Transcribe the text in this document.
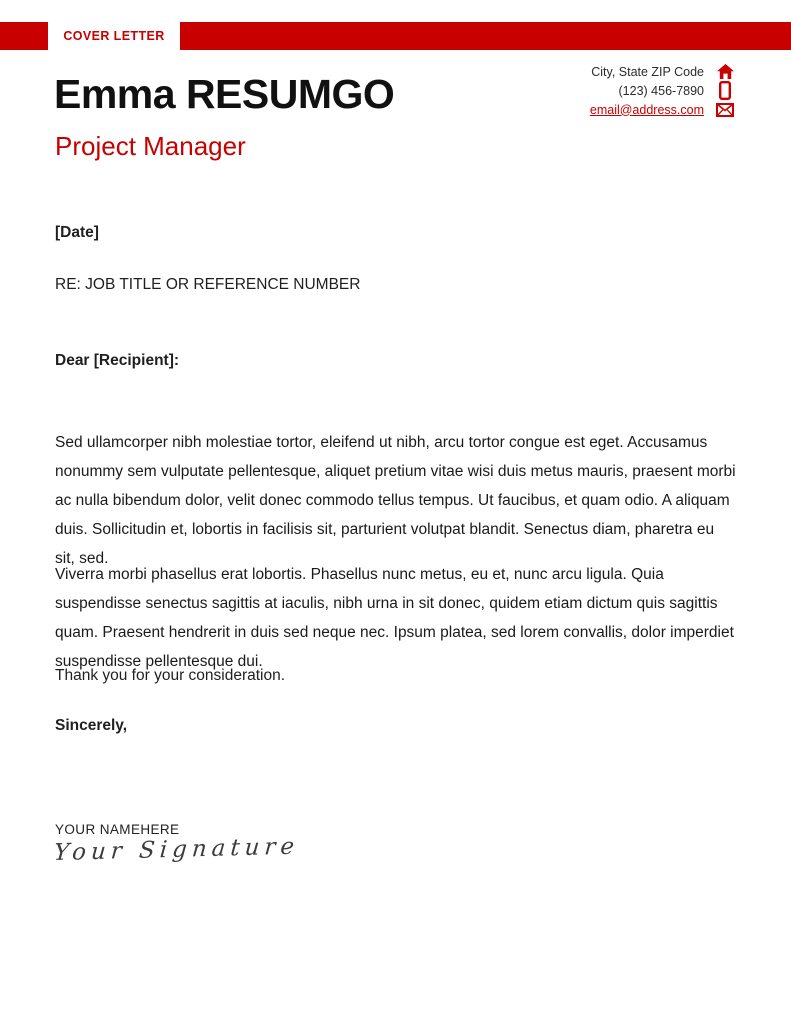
COVER LETTER
Emma RESUMGO
Project Manager
City, State ZIP Code
(123) 456-7890
email@address.com
[Date]
RE: JOB TITLE OR REFERENCE NUMBER
Dear [Recipient]:

Sed ullamcorper nibh molestiae tortor, eleifend ut nibh, arcu tortor congue est eget. Accusamus nonummy sem vulputate pellentesque, aliquet pretium vitae wisi duis metus mauris, praesent morbi ac nulla bibendum dolor, velit donec commodo tellus tempus. Ut faucibus, et quam odio. A aliquam duis. Sollicitudin et, lobortis in facilisis sit, parturient volutpat blandit. Senectus diam, pharetra eu sit, sed.

Viverra morbi phasellus erat lobortis. Phasellus nunc metus, eu et, nunc arcu ligula. Quia suspendisse senectus sagittis at iaculis, nibh urna in sit donec, quidem etiam dictum quis sagittis quam. Praesent hendrerit in duis sed neque nec. Ipsum platea, sed lorem convallis, dolor imperdiet suspendisse pellentesque dui.

Thank you for your consideration.
Sincerely,
YOUR NAMEHERE
Your Signature
